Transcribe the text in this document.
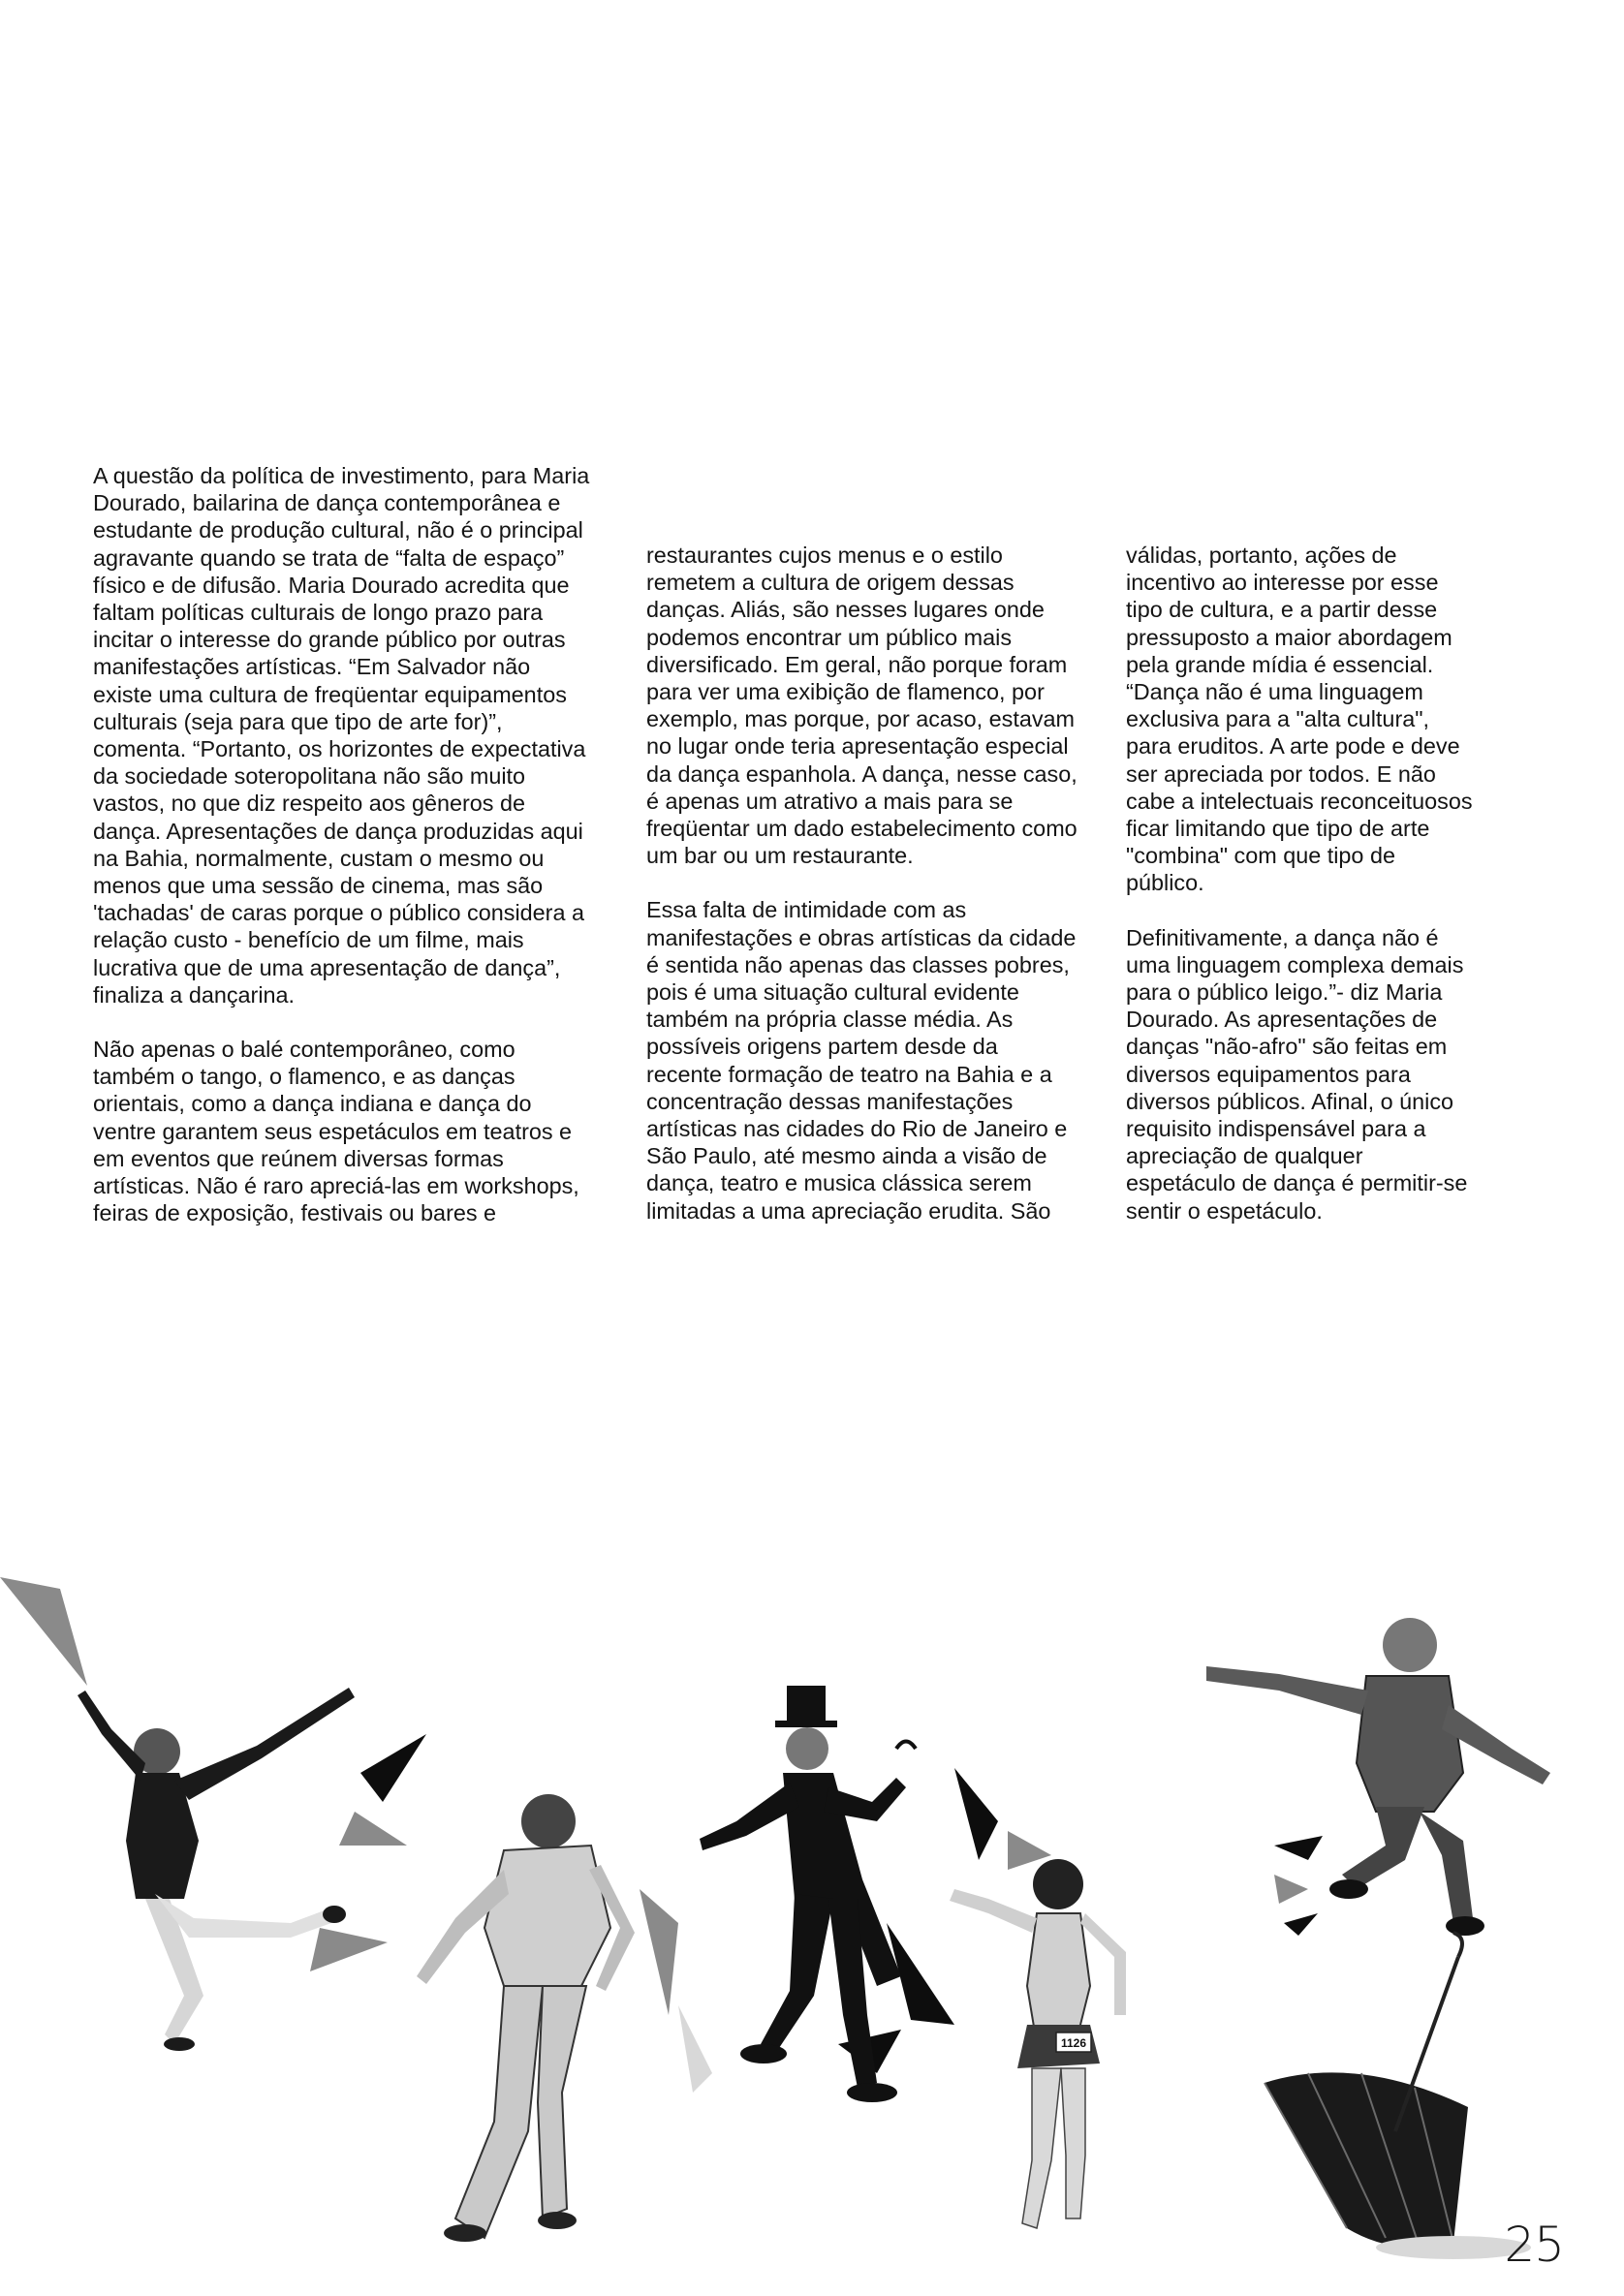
A questão da política de investimento, para Maria
Dourado, bailarina de dança contemporânea e
estudante de produção cultural, não é o principal
agravante quando se trata de “falta de espaço”
físico e de difusão. Maria Dourado acredita que
faltam políticas culturais de longo prazo para
incitar o interesse do grande público por outras
manifestações artísticas. “Em Salvador não
existe uma cultura de freqüentar equipamentos
culturais (seja para que tipo de arte for)”,
comenta. “Portanto, os horizontes de expectativa
da sociedade soteropolitana não são muito
vastos, no que diz respeito aos gêneros de
dança. Apresentações de dança produzidas aqui
na Bahia, normalmente, custam o mesmo ou
menos que uma sessão de cinema, mas são
'tachadas' de caras porque o público considera a
relação custo - benefício de um filme, mais
lucrativa que de uma apresentação de dança”,
finaliza a dançarina.

Não apenas o balé contemporâneo, como
também o tango, o flamenco, e as danças
orientais, como a dança indiana e dança do
ventre garantem seus espetáculos em teatros e
em eventos que reúnem diversas formas
artísticas. Não é raro apreciá-las em workshops,
feiras de exposição, festivais ou bares e

restaurantes cujos menus e o estilo
remetem a cultura de origem dessas
danças. Aliás, são nesses lugares onde
podemos encontrar um público mais
diversificado. Em geral, não porque foram
para ver uma exibição de flamenco, por
exemplo, mas porque, por acaso, estavam
no lugar onde teria apresentação especial
da dança espanhola. A dança, nesse caso,
é apenas um atrativo a mais para se
freqüentar um dado estabelecimento como
um bar ou um restaurante.

Essa falta de intimidade com as
manifestações e obras artísticas da cidade
é sentida não apenas das classes pobres,
pois é uma situação cultural evidente
também na própria classe média. As
possíveis origens partem desde da
recente formação de teatro na Bahia e a
concentração dessas manifestações
artísticas nas cidades do Rio de Janeiro e
São Paulo, até mesmo ainda a visão de
dança, teatro e musica clássica serem
limitadas a uma apreciação erudita. São

válidas, portanto, ações de
incentivo ao interesse por esse
tipo de cultura, e a partir desse
pressuposto a maior abordagem
pela grande mídia é essencial.
“Dança não é uma linguagem
exclusiva para a "alta cultura",
para eruditos. A arte pode e deve
ser apreciada por todos. E não
cabe a intelectuais reconceituosos
ficar limitando que tipo de arte
"combina" com que tipo de
público.

Definitivamente, a dança não é
uma linguagem complexa demais
para o público leigo.”- diz Maria
Dourado. As apresentações de
danças "não-afro" são feitas em
diversos equipamentos para
diversos públicos. Afinal, o único
requisito indispensável para a
apreciação de qualquer
espetáculo de dança é permitir-se
sentir o espetáculo.

1126
25
